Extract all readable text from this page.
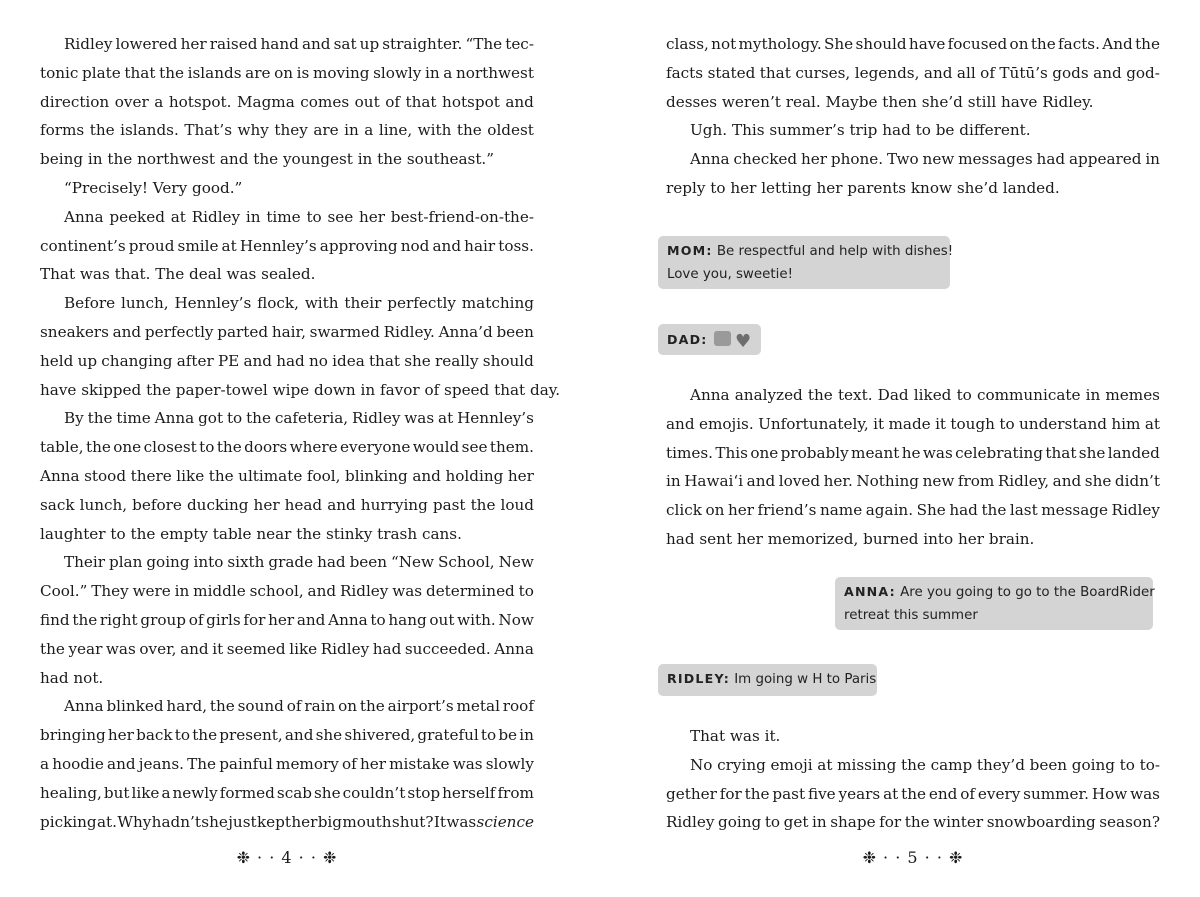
Ridley lowered her raised hand and sat up straighter. “The tec-
tonic plate that the islands are on is moving slowly in a northwest
direction over a hotspot. Magma comes out of that hotspot and
forms the islands. That’s why they are in a line, with the oldest
being
in
the
northwest
and
the
youngest
in
the
southeast.”
“Precisely!
Very
good.”
Anna peeked at Ridley in time to see her best-friend-on-the-
continent’s proud smile at Hennley’s approving nod and hair toss.
That
was
that.
The
deal
was
sealed.
Before lunch, Hennley’s flock, with their perfectly matching
sneakers and perfectly parted hair, swarmed Ridley. Anna’d been
held up changing after PE and had no idea that she really should
have
skipped
the
paper-towel
wipe
down
in
favor
of
speed
that
day.
By the time Anna got to the cafeteria, Ridley was at Hennley’s
table, the one closest to the doors where everyone would see them.
Anna stood there like the ultimate fool, blinking and holding her
sack lunch, before ducking her head and hurrying past the loud
laughter
to
the
empty
table
near
the
stinky
trash
cans.
Their plan going into sixth grade had been “New School, New
Cool.” They were in middle school, and Ridley was determined to
find the right group of girls for her and Anna to hang out with. Now
the year was over, and it seemed like Ridley had succeeded. Anna
had
not.
Anna blinked hard, the sound of rain on the airport’s metal roof
bringing her back to the present, and she shivered, grateful to be in
a hoodie and jeans. The painful memory of her mistake was slowly
healing, but like a newly formed scab she couldn’t stop herself from
picking at. Why hadn’t she just kept her big mouth shut? It was science
❉ · · 4 · · ❉
class, not mythology. She should have focused on the facts. And the
facts stated that curses, legends, and all of Tūtū’s gods and god-
desses
weren’t
real.
Maybe
then
she’d
still
have
Ridley.
Ugh.
This
summer’s
trip
had
to
be
different.
Anna checked her phone. Two new messages had appeared in
reply
to
her
letting
her
parents
know
she’d
landed.
MOM: Be respectful and help with dishes!
Love you, sweetie!
DAD: ♥
Anna analyzed the text. Dad liked to communicate in memes
and emojis. Unfortunately, it made it tough to understand him at
times. This one probably meant he was celebrating that she landed
in Hawaiʻi and loved her. Nothing new from Ridley, and she didn’t
click on her friend’s name again. She had the last message Ridley
had
sent
her
memorized,
burned
into
her
brain.
ANNA: Are you going to go to the BoardRider
retreat this summer
RIDLEY: Im going w H to Paris
That
was
it.
No crying emoji at missing the camp they’d been going to to-
gether for the past five years at the end of every summer. How was
Ridley going to get in shape for the winter snowboarding season?
❉ · · 5 · · ❉
